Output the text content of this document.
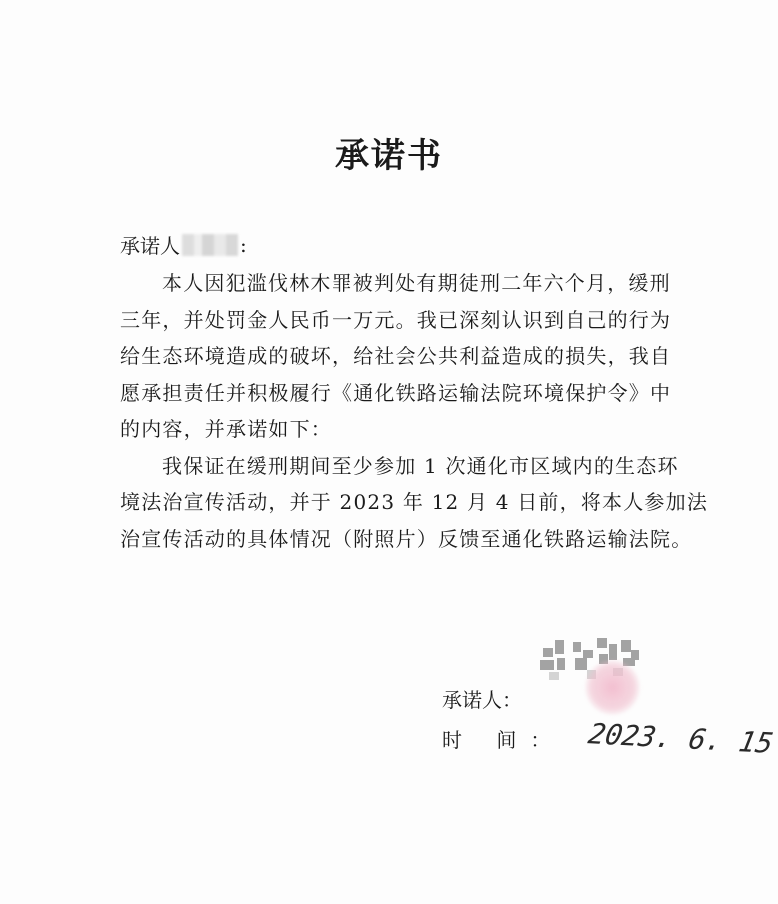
承诺书
承诺人	:
本人因犯滥伐林木罪被判处有期徒刑二年六个月，缓刑
三年，并处罚金人民币一万元。我已深刻认识到自己的行为
给生态环境造成的破坏，给社会公共利益造成的损失，我自
愿承担责任并积极履行《通化铁路运输法院环境保护令》中
的内容，并承诺如下：
我保证在缓刑期间至少参加 1 次通化市区域内的生态环
境法治宣传活动，并于 2023 年 12 月 4 日前，将本人参加法
治宣传活动的具体情况（附照片）反馈至通化铁路运输法院。
承诺人：
时 间： 2023. 6. 15
